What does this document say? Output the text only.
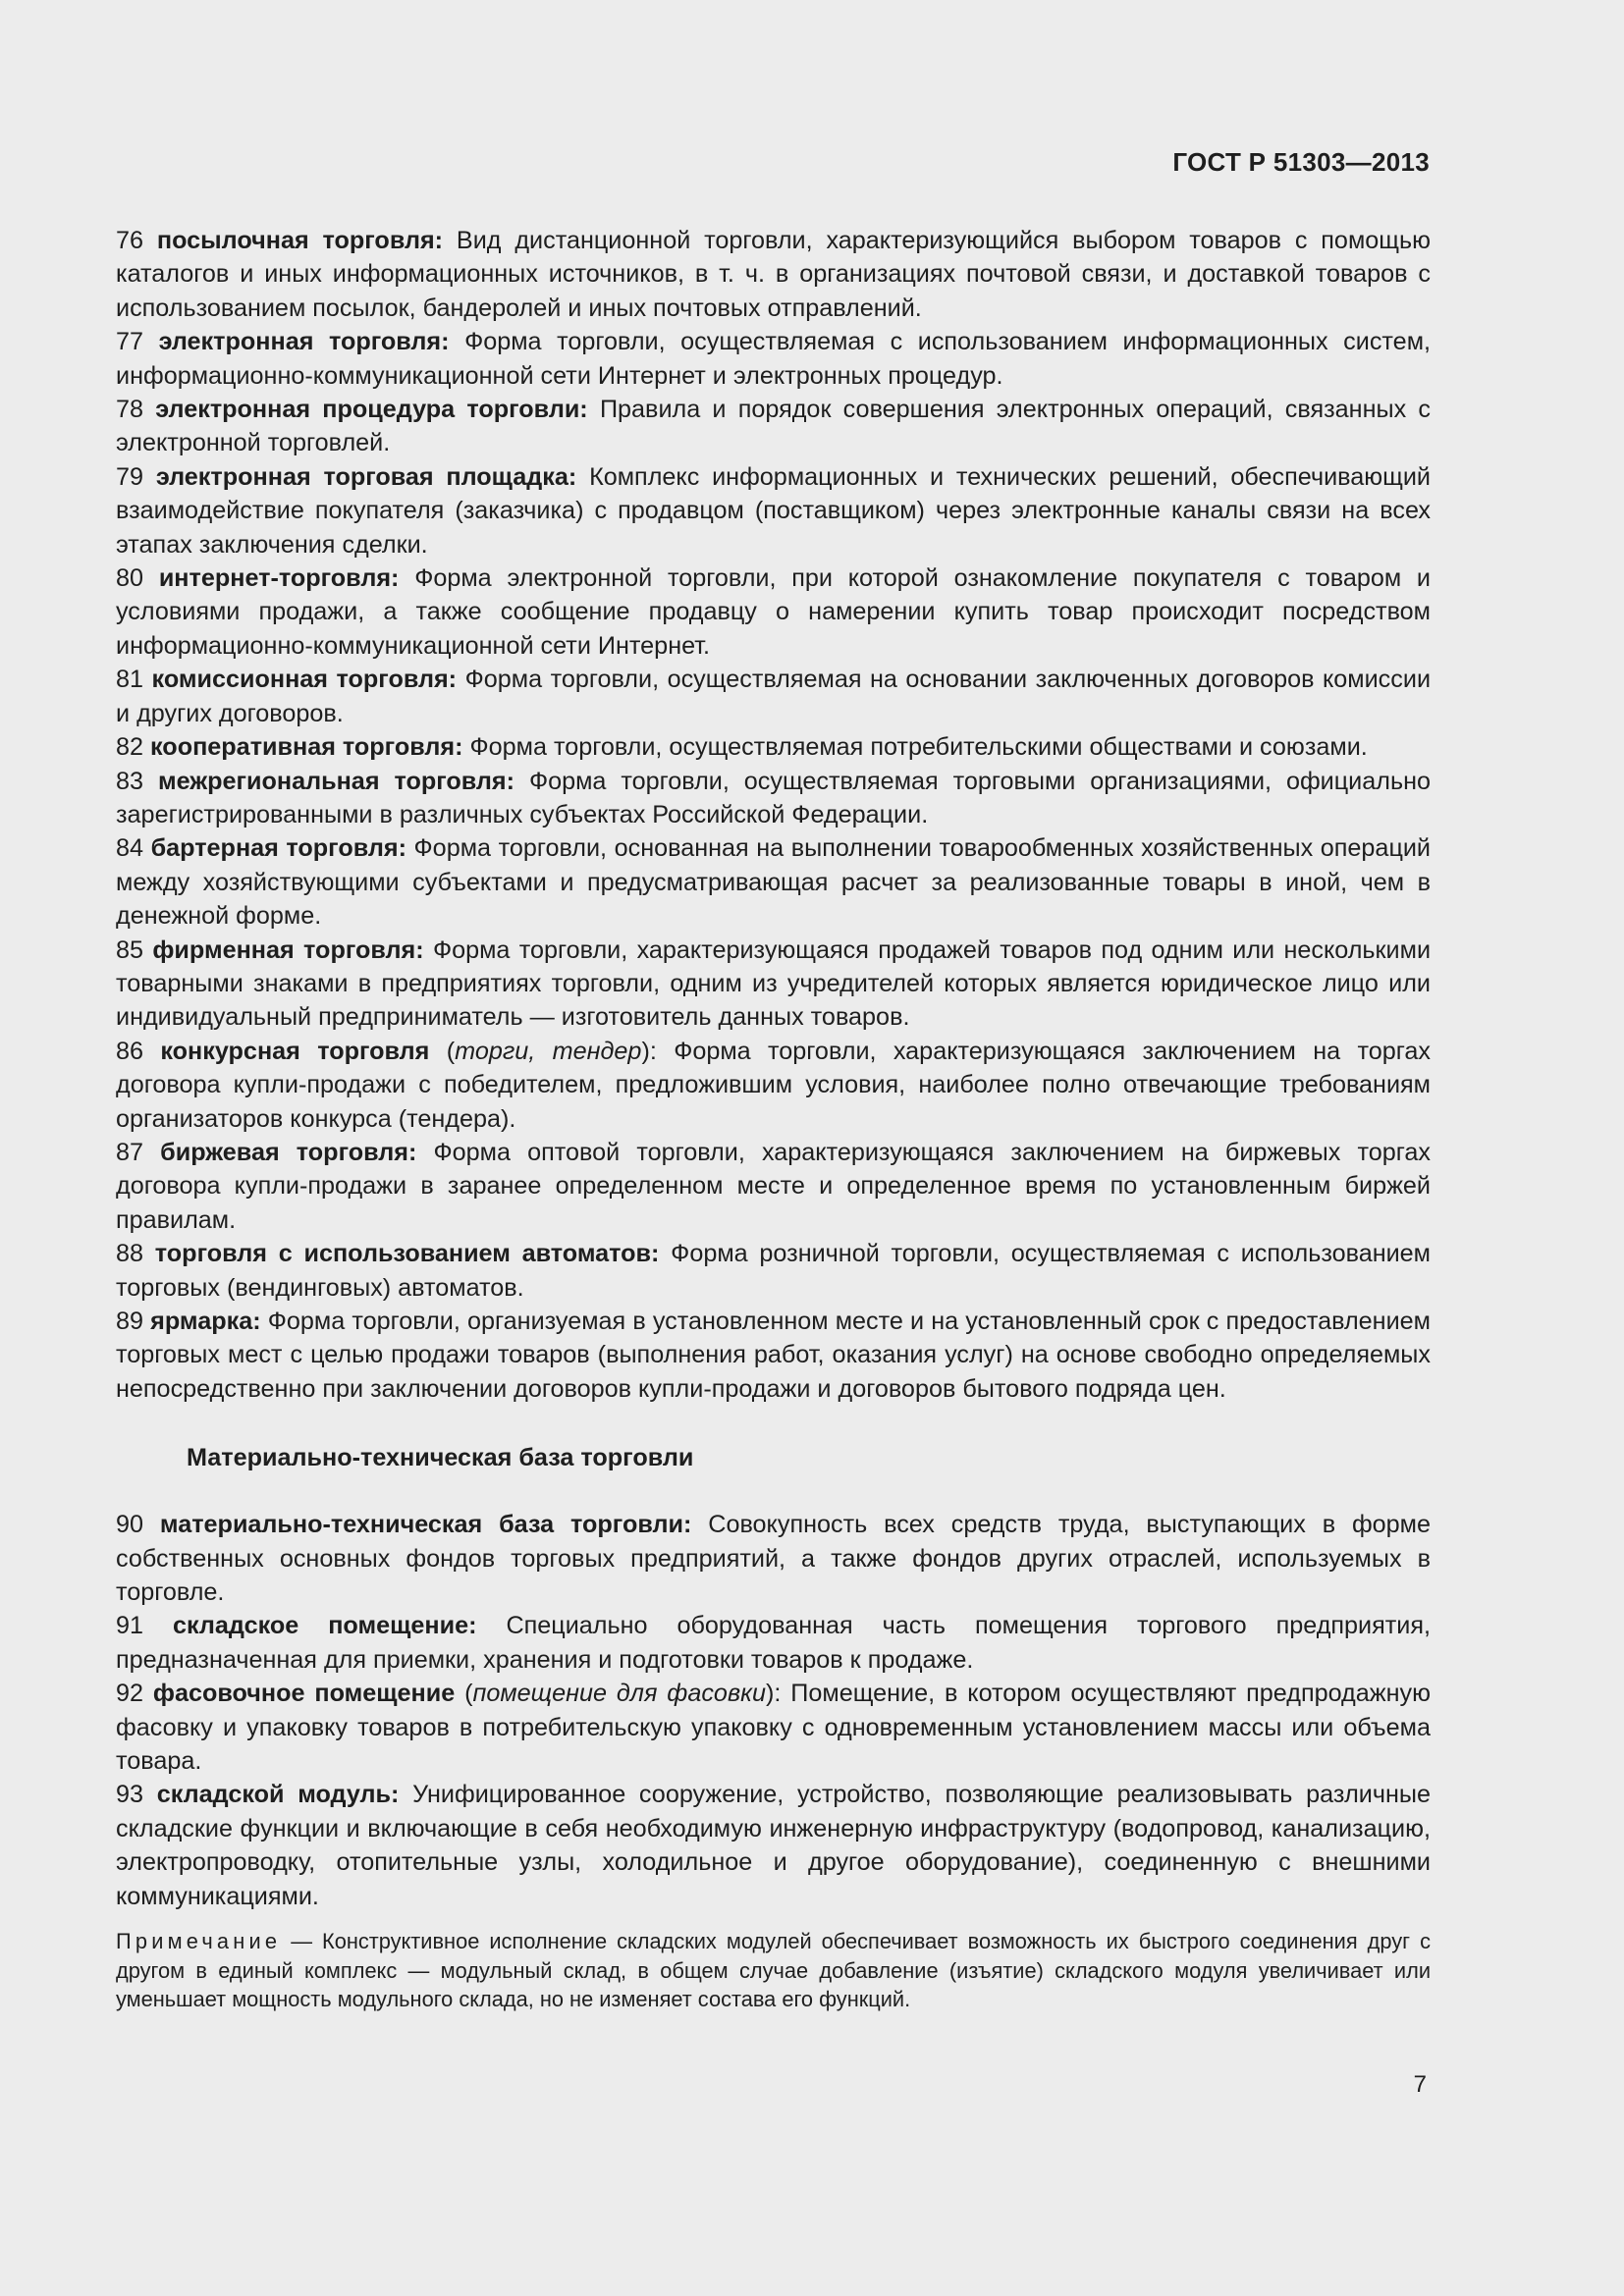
ГОСТ Р 51303—2013

76 посылочная торговля: Вид дистанционной торговли, характеризующийся выбором товаров с помощью каталогов и иных информационных источников, в т. ч. в организациях почтовой связи, и доставкой товаров с использованием посылок, бандеролей и иных почтовых отправлений.

77 электронная торговля: Форма торговли, осуществляемая с использованием информационных систем, информационно-коммуникационной сети Интернет и электронных процедур.

78 электронная процедура торговли: Правила и порядок совершения электронных операций, связанных с электронной торговлей.

79 электронная торговая площадка: Комплекс информационных и технических решений, обеспечивающий взаимодействие покупателя (заказчика) с продавцом (поставщиком) через электронные каналы связи на всех этапах заключения сделки.

80 интернет-торговля: Форма электронной торговли, при которой ознакомление покупателя с товаром и условиями продажи, а также сообщение продавцу о намерении купить товар происходит посредством информационно-коммуникационной сети Интернет.

81 комиссионная торговля: Форма торговли, осуществляемая на основании заключенных договоров комиссии и других договоров.

82 кооперативная торговля: Форма торговли, осуществляемая потребительскими обществами и союзами.

83 межрегиональная торговля: Форма торговли, осуществляемая торговыми организациями, официально зарегистрированными в различных субъектах Российской Федерации.

84 бартерная торговля: Форма торговли, основанная на выполнении товарообменных хозяйственных операций между хозяйствующими субъектами и предусматривающая расчет за реализованные товары в иной, чем в денежной форме.

85 фирменная торговля: Форма торговли, характеризующаяся продажей товаров под одним или несколькими товарными знаками в предприятиях торговли, одним из учредителей которых является юридическое лицо или индивидуальный предприниматель — изготовитель данных товаров.

86 конкурсная торговля (торги, тендер): Форма торговли, характеризующаяся заключением на торгах договора купли-продажи с победителем, предложившим условия, наиболее полно отвечающие требованиям организаторов конкурса (тендера).

87 биржевая торговля: Форма оптовой торговли, характеризующаяся заключением на биржевых торгах договора купли-продажи в заранее определенном месте и определенное время по установленным биржей правилам.

88 торговля с использованием автоматов: Форма розничной торговли, осуществляемая с использованием торговых (вендинговых) автоматов.

89 ярмарка: Форма торговли, организуемая в установленном месте и на установленный срок с предоставлением торговых мест с целью продажи товаров (выполнения работ, оказания услуг) на основе свободно определяемых непосредственно при заключении договоров купли-продажи и договоров бытового подряда цен.

Материально-техническая база торговли

90 материально-техническая база торговли: Совокупность всех средств труда, выступающих в форме собственных основных фондов торговых предприятий, а также фондов других отраслей, используемых в торговле.

91 складское помещение: Специально оборудованная часть помещения торгового предприятия, предназначенная для приемки, хранения и подготовки товаров к продаже.

92 фасовочное помещение (помещение для фасовки): Помещение, в котором осуществляют предпродажную фасовку и упаковку товаров в потребительскую упаковку с одновременным установлением массы или объема товара.

93 складской модуль: Унифицированное сооружение, устройство, позволяющие реализовывать различные складские функции и включающие в себя необходимую инженерную инфраструктуру (водопровод, канализацию, электропроводку, отопительные узлы, холодильное и другое оборудование), соединенную с внешними коммуникациями.

Примечание — Конструктивное исполнение складских модулей обеспечивает возможность их быстрого соединения друг с другом в единый комплекс — модульный склад, в общем случае добавление (изъятие) складского модуля увеличивает или уменьшает мощность модульного склада, но не изменяет состава его функций.
7
